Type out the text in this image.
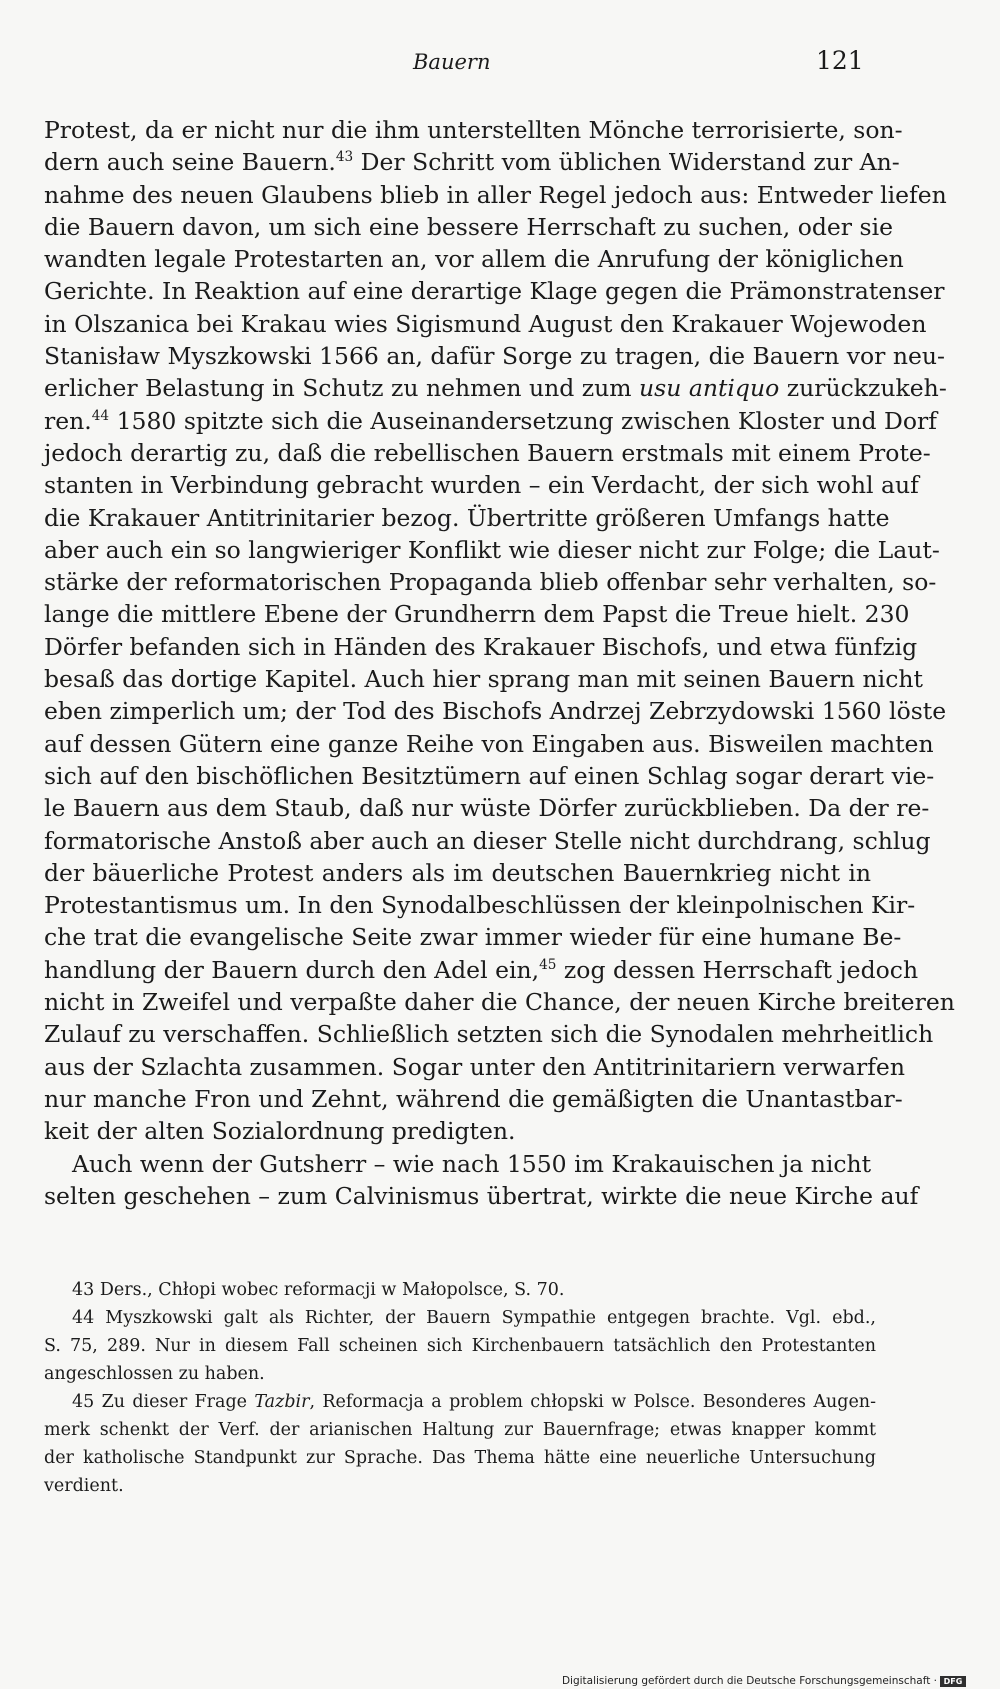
Bauern	121
Protest, da er nicht nur die ihm unterstellten Mönche terrorisierte, son-
dern auch seine Bauern.$^{43}$ Der Schritt vom üblichen Widerstand zur An-
nahme des neuen Glaubens blieb in aller Regel jedoch aus: Entweder liefen
die Bauern davon, um sich eine bessere Herrschaft zu suchen, oder sie
wandten legale Protestarten an, vor allem die Anrufung der königlichen
Gerichte. In Reaktion auf eine derartige Klage gegen die Prämonstratenser
in Olszanica bei Krakau wies Sigismund August den Krakauer Wojewoden
Stanisław Myszkowski 1566 an, dafür Sorge zu tragen, die Bauern vor neu-
erlicher Belastung in Schutz zu nehmen und zum usu antiquo zurückzukeh-
ren.$^{44}$ 1580 spitzte sich die Auseinandersetzung zwischen Kloster und Dorf
jedoch derartig zu, daß die rebellischen Bauern erstmals mit einem Prote-
stanten in Verbindung gebracht wurden – ein Verdacht, der sich wohl auf
die Krakauer Antitrinitarier bezog. Übertritte größeren Umfangs hatte
aber auch ein so langwieriger Konflikt wie dieser nicht zur Folge; die Laut-
stärke der reformatorischen Propaganda blieb offenbar sehr verhalten, so-
lange die mittlere Ebene der Grundherrn dem Papst die Treue hielt. 230
Dörfer befanden sich in Händen des Krakauer Bischofs, und etwa fünfzig
besaß das dortige Kapitel. Auch hier sprang man mit seinen Bauern nicht
eben zimperlich um; der Tod des Bischofs Andrzej Zebrzydowski 1560 löste
auf dessen Gütern eine ganze Reihe von Eingaben aus. Bisweilen machten
sich auf den bischöflichen Besitztümern auf einen Schlag sogar derart vie-
le Bauern aus dem Staub, daß nur wüste Dörfer zurückblieben. Da der re-
formatorische Anstoß aber auch an dieser Stelle nicht durchdrang, schlug
der bäuerliche Protest anders als im deutschen Bauernkrieg nicht in
Protestantismus um. In den Synodalbeschlüssen der kleinpolnischen Kir-
che trat die evangelische Seite zwar immer wieder für eine humane Be-
handlung der Bauern durch den Adel ein,$^{45}$ zog dessen Herrschaft jedoch
nicht in Zweifel und verpaßte daher die Chance, der neuen Kirche breiteren
Zulauf zu verschaffen. Schließlich setzten sich die Synodalen mehrheitlich
aus der Szlachta zusammen. Sogar unter den Antitrinitariern verwarfen
nur manche Fron und Zehnt, während die gemäßigten die Unantastbar-
keit der alten Sozialordnung predigten.
Auch wenn der Gutsherr – wie nach 1550 im Krakauischen ja nicht
selten geschehen – zum Calvinismus übertrat, wirkte die neue Kirche auf
43 Ders., Chłopi wobec reformacji w Małopolsce, S. 70.
44 Myszkowski galt als Richter, der Bauern Sympathie entgegen brachte. Vgl. ebd.,
S. 75, 289. Nur in diesem Fall scheinen sich Kirchenbauern tatsächlich den Protestanten
angeschlossen zu haben.
45 Zu dieser Frage Tazbir, Reformacja a problem chłopski w Polsce. Besonderes Augen-
merk schenkt der Verf. der arianischen Haltung zur Bauernfrage; etwas knapper kommt
der katholische Standpunkt zur Sprache. Das Thema hätte eine neuerliche Untersuchung
verdient.
Digitalisierung gefördert durch die Deutsche Forschungsgemeinschaft · DFG
